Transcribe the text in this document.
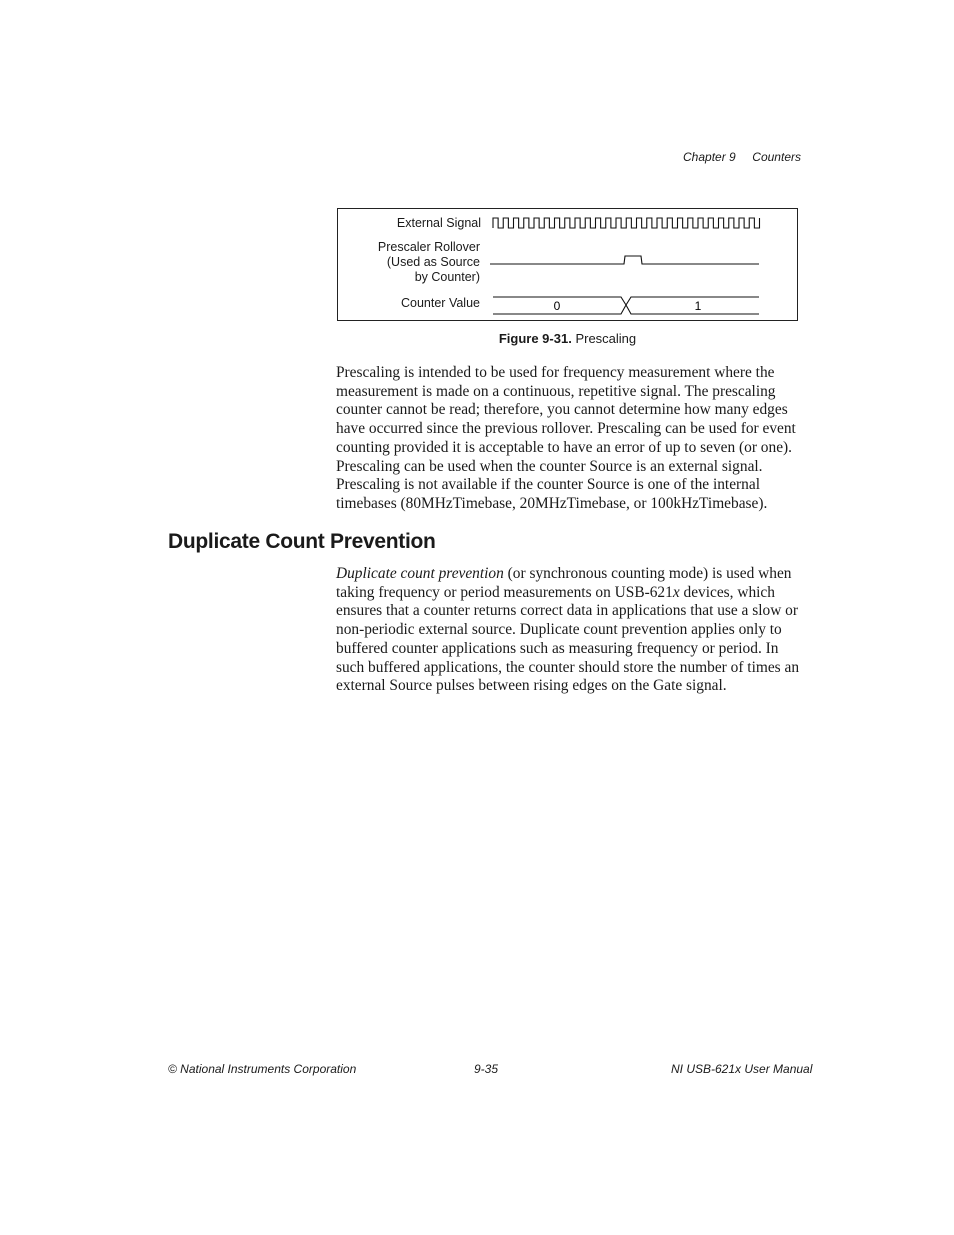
Chapter 9 Counters
External Signal
Prescaler Rollover
(Used as Source
by Counter)
Counter Value	0	1
Figure 9-31. Prescaling

Prescaling is intended to be used for frequency measurement where the measurement is made on a continuous, repetitive signal. The prescaling counter cannot be read; therefore, you cannot determine how many edges have occurred since the previous rollover. Prescaling can be used for event counting provided it is acceptable to have an error of up to seven (or one). Prescaling can be used when the counter Source is an external signal. Prescaling is not available if the counter Source is one of the internal timebases (80MHzTimebase, 20MHzTimebase, or 100kHzTimebase).

Duplicate Count Prevention

Duplicate count prevention (or synchronous counting mode) is used when taking frequency or period measurements on USB-621x devices, which ensures that a counter returns correct data in applications that use a slow or non-periodic external source. Duplicate count prevention applies only to buffered counter applications such as measuring frequency or period. In such buffered applications, the counter should store the number of times an external Source pulses between rising edges on the Gate signal.

© National Instruments Corporation	9-35	NI USB-621x User Manual
